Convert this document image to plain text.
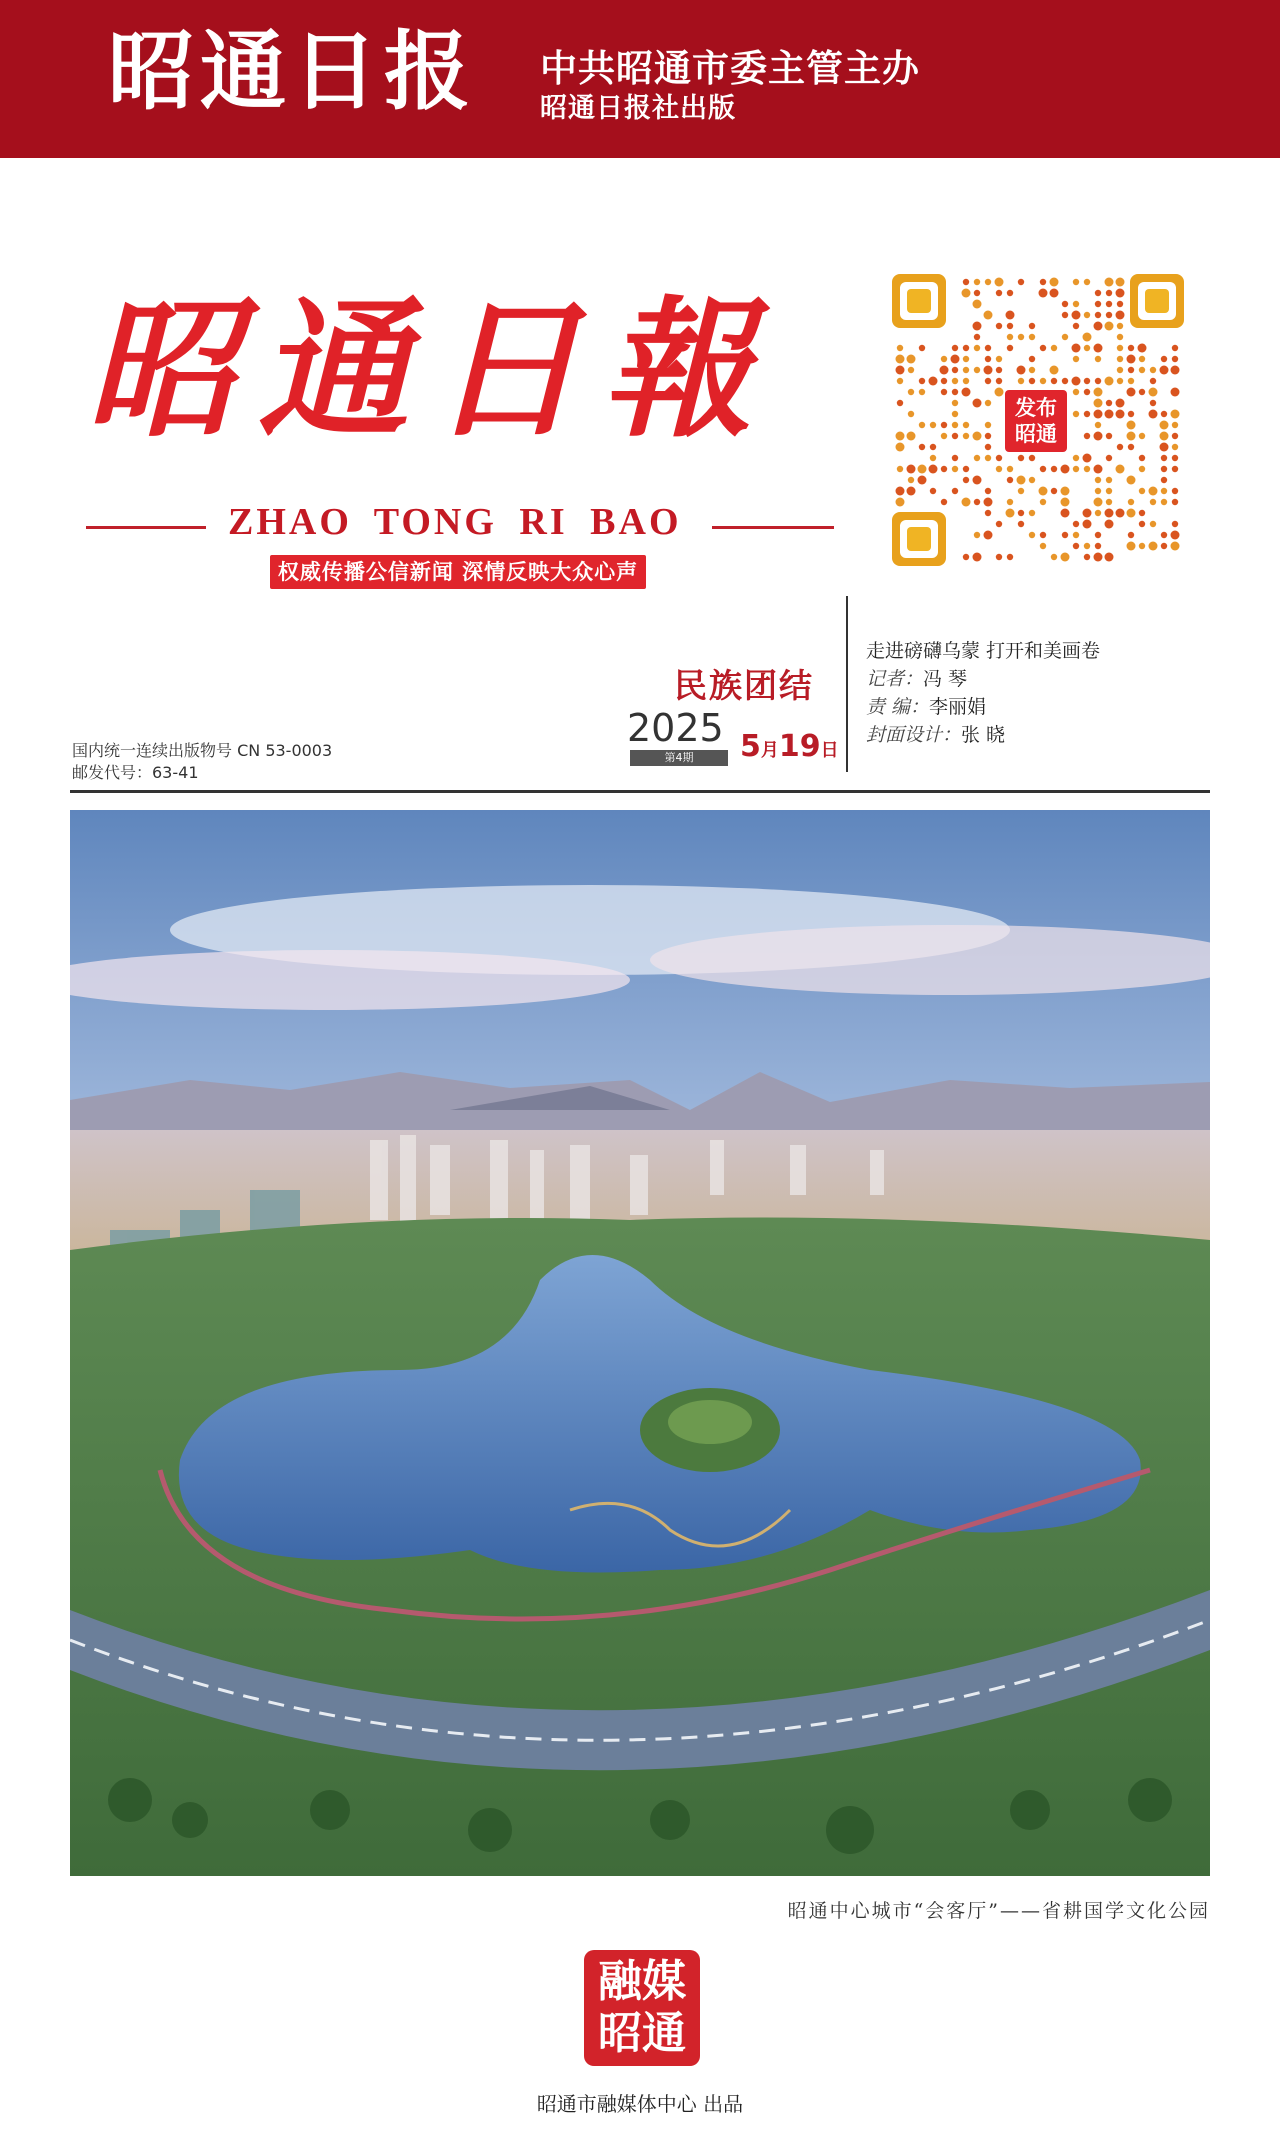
昭通日报 中共昭通市委主管主办
昭通日报社出版
昭通日報
ZHAO TONG RI BAO
权威传播公信新闻 深情反映大众心声
发布昭通
民族团结
2025
第4期	5月19日
走进磅礴乌蒙 打开和美画卷
记者：冯 琴
责 编：李丽娟
封面设计：张 晓
国内统一连续出版物号 CN 53-0003
邮发代号：63-41
昭通中心城市“会客厅”——省耕国学文化公园
融媒昭通
昭通市融媒体中心 出品
